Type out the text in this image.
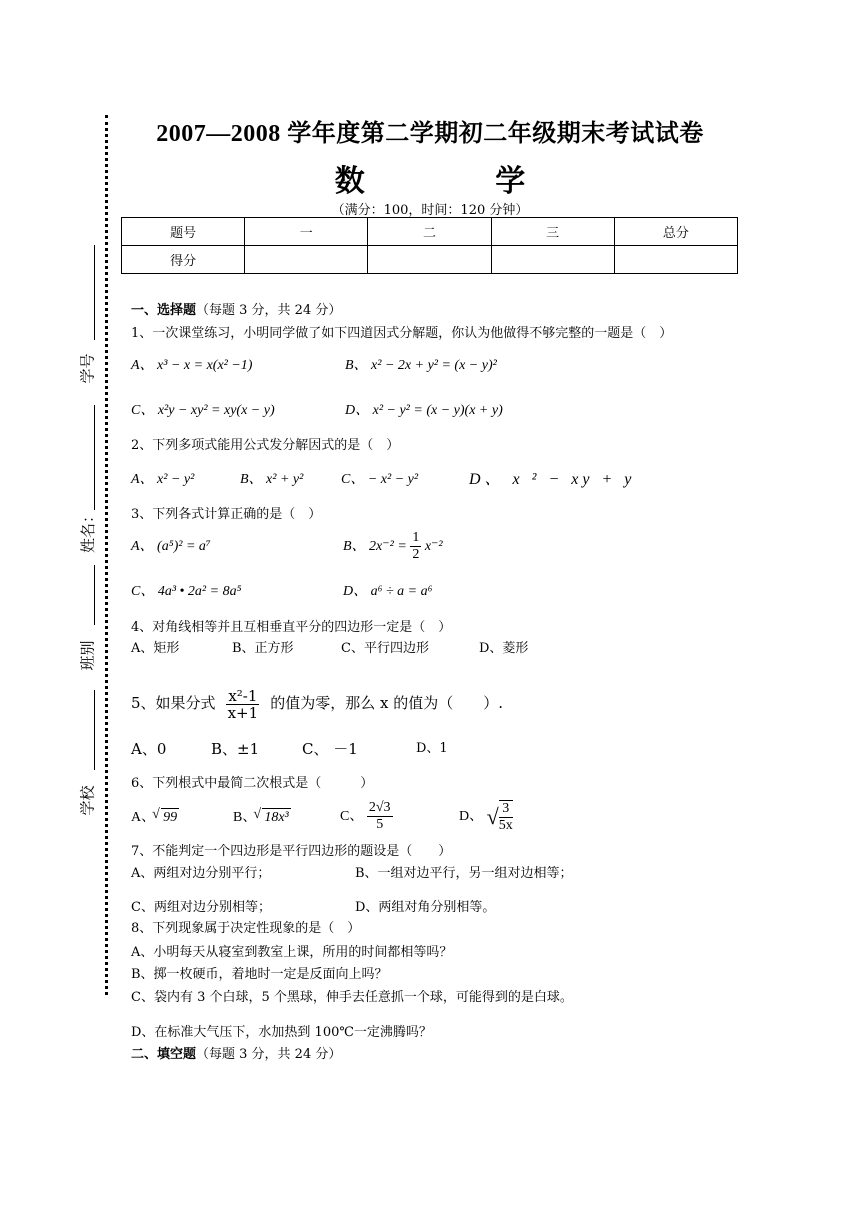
学号
姓名：
班别
学校
2007—2008 学年度第二学期初二年级期末考试试卷
数 学
（满分：100，时间：120 分钟）
题号	一	二	三	总分
得分				
一、选择题（每题 3 分，共 24 分）
1、一次课堂练习，小明同学做了如下四道因式分解题，你认为他做得不够完整的一题是（　）
A、 x³ − x = x(x² −1)	B、 x² − 2x + y² = (x − y)²
C、 x²y − xy² = xy(x − y)	D、 x² − y² = (x − y)(x + y)
2、下列多项式能用公式发分解因式的是（　）
A、 x² − y²	B、 x² + y²	C、 − x² − y²	D、 x ² − xy + y
3、下列各式计算正确的是（　）
A、 (a⁵)² = a⁷	B、 $2x^{-2} = \frac{1}{2} x^{-2}$
C、 4a³ • 2a² = 8a⁵	D、 a⁶ ÷ a = a⁶
4、对角线相等并且互相垂直平分的四边形一定是（　）
A、矩形	B、正方形	C、平行四边形	D、菱形
5、如果分式 $\frac{\text{x²-1}}{x+1}$ 的值为零，那么 x 的值为（　　）.
A、0	B、±1	C、 －1	D、1
6、下列根式中最简二次根式是（　　　）
A、 √ 99	B、 √ 18x³	C、 $\frac{2√3}{5}$	D、 √ $\frac{3}{5x}$
7、不能判定一个四边形是平行四边形的题设是（　　）
A、两组对边分别平行；	B、一组对边平行，另一组对边相等；
C、两组对边分别相等；	D、两组对角分别相等。
8、下列现象属于决定性现象的是（　）
A、小明每天从寝室到教室上课，所用的时间都相等吗？
B、掷一枚硬币，着地时一定是反面向上吗？
C、袋内有 3 个白球，5 个黑球，伸手去任意抓一个球，可能得到的是白球。
D、在标准大气压下，水加热到 100℃一定沸腾吗？
二、填空题（每题 3 分，共 24 分）
